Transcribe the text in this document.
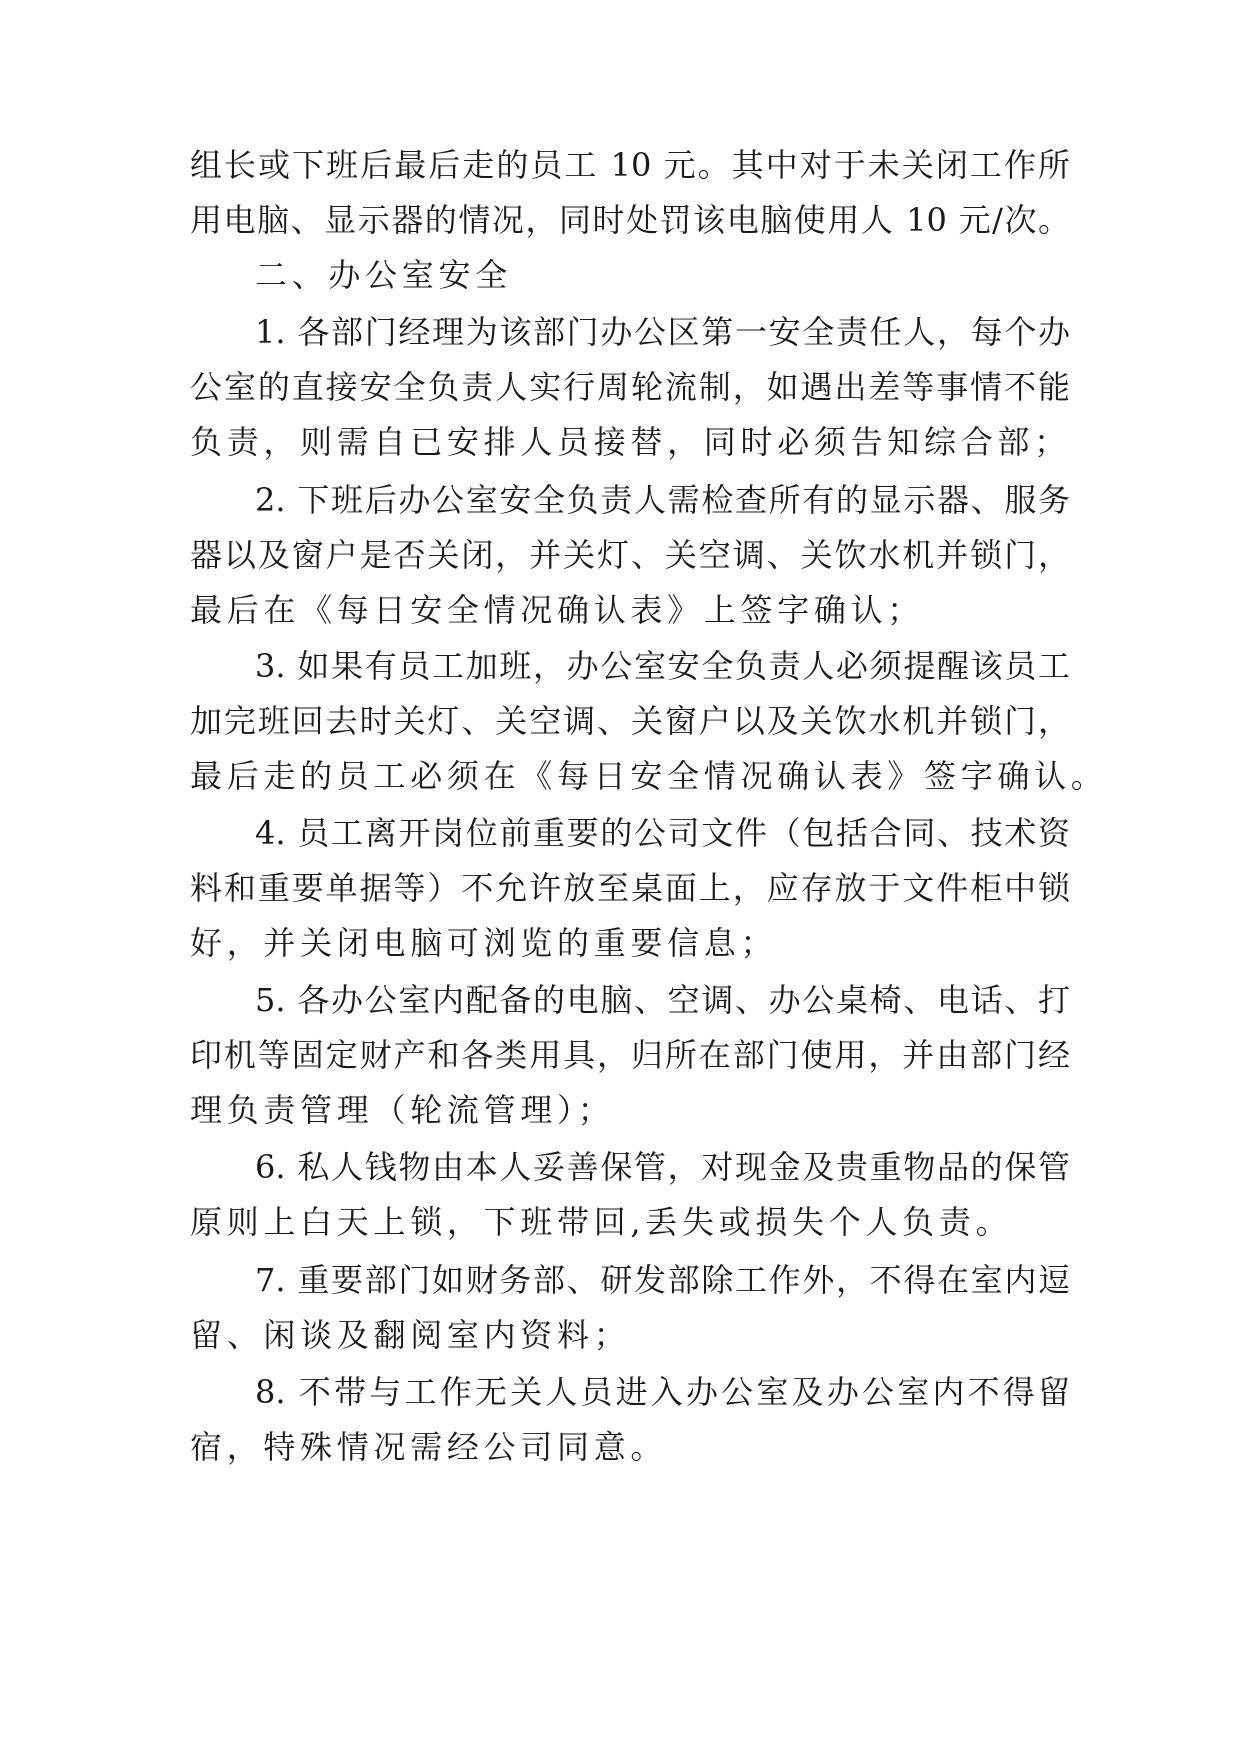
组长或下班后最后走的员工 10 元。其中对于未关闭工作所
用电脑、显示器的情况，同时处罚该电脑使用人 10 元/次。
二、办公室安全
1. 各部门经理为该部门办公区第一安全责任人，每个办
公室的直接安全负责人实行周轮流制，如遇出差等事情不能
负责，则需自已安排人员接替，同时必须告知综合部；
2. 下班后办公室安全负责人需检查所有的显示器、服务
器以及窗户是否关闭，并关灯、关空调、关饮水机并锁门，
最后在《每日安全情况确认表》上签字确认；
3. 如果有员工加班，办公室安全负责人必须提醒该员工
加完班回去时关灯、关空调、关窗户以及关饮水机并锁门，
最后走的员工必须在《每日安全情况确认表》签字确认。
4. 员工离开岗位前重要的公司文件（包括合同、技术资
料和重要单据等）不允许放至桌面上，应存放于文件柜中锁
好，并关闭电脑可浏览的重要信息；
5. 各办公室内配备的电脑、空调、办公桌椅、电话、打
印机等固定财产和各类用具，归所在部门使用，并由部门经
理负责管理（轮流管理）；
6. 私人钱物由本人妥善保管，对现金及贵重物品的保管
原则上白天上锁，下班带回,丢失或损失个人负责。
7. 重要部门如财务部、研发部除工作外，不得在室内逗
留、闲谈及翻阅室内资料；
8. 不带与工作无关人员进入办公室及办公室内不得留
宿，特殊情况需经公司同意。
